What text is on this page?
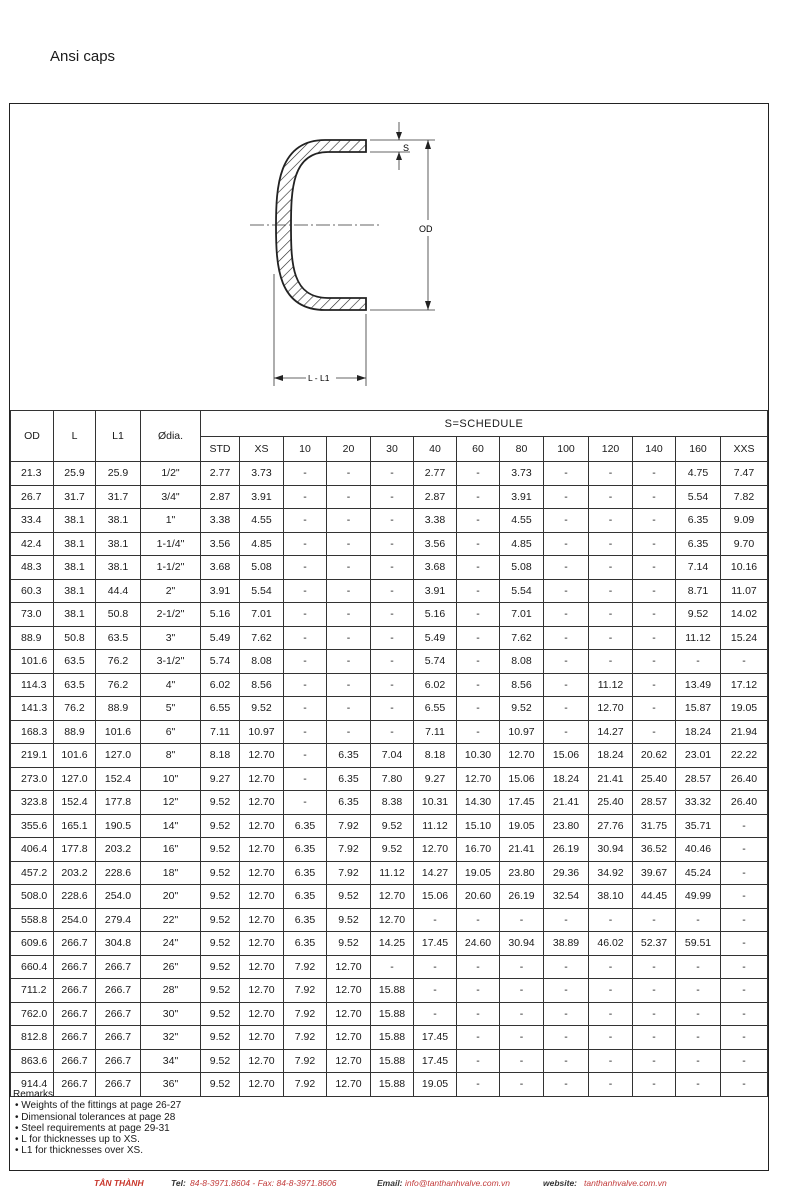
Ansi caps
S
OD
L - L1
OD	L	L1	Ødia.	S=SCHEDULE												
				STD	XS	10	20	30	40	60	80	100	120	140	160	XXS
21.3	25.9	25.9	1/2"	2.77	3.73	-	-	-	2.77	-	3.73	-	-	-	4.75	7.47
26.7	31.7	31.7	3/4"	2.87	3.91	-	-	-	2.87	-	3.91	-	-	-	5.54	7.82
33.4	38.1	38.1	1"	3.38	4.55	-	-	-	3.38	-	4.55	-	-	-	6.35	9.09
42.4	38.1	38.1	1-1/4"	3.56	4.85	-	-	-	3.56	-	4.85	-	-	-	6.35	9.70
48.3	38.1	38.1	1-1/2"	3.68	5.08	-	-	-	3.68	-	5.08	-	-	-	7.14	10.16
60.3	38.1	44.4	2"	3.91	5.54	-	-	-	3.91	-	5.54	-	-	-	8.71	11.07
73.0	38.1	50.8	2-1/2"	5.16	7.01	-	-	-	5.16	-	7.01	-	-	-	9.52	14.02
88.9	50.8	63.5	3"	5.49	7.62	-	-	-	5.49	-	7.62	-	-	-	11.12	15.24
101.6	63.5	76.2	3-1/2"	5.74	8.08	-	-	-	5.74	-	8.08	-	-	-	-	-
114.3	63.5	76.2	4"	6.02	8.56	-	-	-	6.02	-	8.56	-	11.12	-	13.49	17.12
141.3	76.2	88.9	5"	6.55	9.52	-	-	-	6.55	-	9.52	-	12.70	-	15.87	19.05
168.3	88.9	101.6	6"	7.11	10.97	-	-	-	7.11	-	10.97	-	14.27	-	18.24	21.94
219.1	101.6	127.0	8"	8.18	12.70	-	6.35	7.04	8.18	10.30	12.70	15.06	18.24	20.62	23.01	22.22
273.0	127.0	152.4	10"	9.27	12.70	-	6.35	7.80	9.27	12.70	15.06	18.24	21.41	25.40	28.57	26.40
323.8	152.4	177.8	12"	9.52	12.70	-	6.35	8.38	10.31	14.30	17.45	21.41	25.40	28.57	33.32	26.40
355.6	165.1	190.5	14"	9.52	12.70	6.35	7.92	9.52	11.12	15.10	19.05	23.80	27.76	31.75	35.71	-
406.4	177.8	203.2	16"	9.52	12.70	6.35	7.92	9.52	12.70	16.70	21.41	26.19	30.94	36.52	40.46	-
457.2	203.2	228.6	18"	9.52	12.70	6.35	7.92	11.12	14.27	19.05	23.80	29.36	34.92	39.67	45.24	-
508.0	228.6	254.0	20"	9.52	12.70	6.35	9.52	12.70	15.06	20.60	26.19	32.54	38.10	44.45	49.99	-
558.8	254.0	279.4	22"	9.52	12.70	6.35	9.52	12.70	-	-	-	-	-	-	-	-
609.6	266.7	304.8	24"	9.52	12.70	6.35	9.52	14.25	17.45	24.60	30.94	38.89	46.02	52.37	59.51	-
660.4	266.7	266.7	26"	9.52	12.70	7.92	12.70	-	-	-	-	-	-	-	-	-
711.2	266.7	266.7	28"	9.52	12.70	7.92	12.70	15.88	-	-	-	-	-	-	-	-
762.0	266.7	266.7	30"	9.52	12.70	7.92	12.70	15.88	-	-	-	-	-	-	-	-
812.8	266.7	266.7	32"	9.52	12.70	7.92	12.70	15.88	17.45	-	-	-	-	-	-	-
863.6	266.7	266.7	34"	9.52	12.70	7.92	12.70	15.88	17.45	-	-	-	-	-	-	-
914.4	266.7	266.7	36"	9.52	12.70	7.92	12.70	15.88	19.05	-	-	-	-	-	-	-
Remarks
• Weights of the fittings at page 26-27
• Dimensional tolerances at page 28
• Steel requirements at page 29-31
• L for thicknesses up to XS.
• L1 for thicknesses over XS.
TÂN THÀNH	Tel: 84-8-3971.8604 - Fax: 84-8-3971.8606	Email: info@tanthanhvalve.com.vn	website: tanthanhvalve.com.vn
